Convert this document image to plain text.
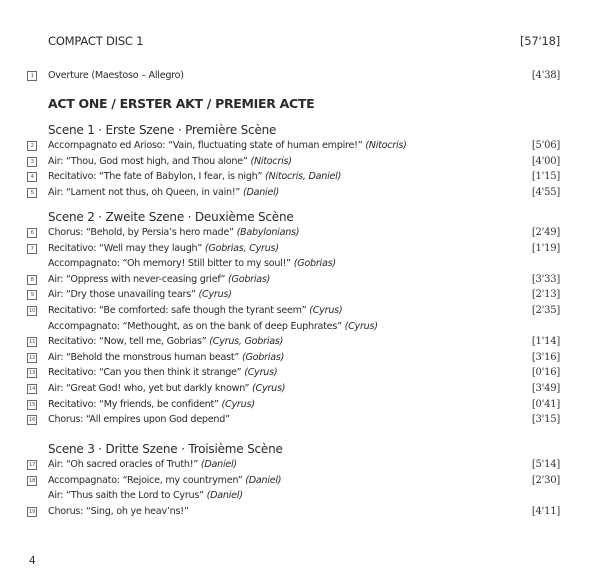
COMPACT DISC 1	[57'18]
1	Overture (Maestoso – Allegro)	[4'38]
ACT ONE / ERSTER AKT / PREMIER ACTE
Scene 1 · Erste Szene · Première Scène
2	Accompagnato ed Arioso: “Vain, fluctuating state of human empire!” (Nitocris)	[5'06]
3	Air: “Thou, God most high, and Thou alone” (Nitocris)	[4'00]
4	Recitativo: “The fate of Babylon, I fear, is nigh” (Nitocris, Daniel)	[1'15]
5	Air: “Lament not thus, oh Queen, in vain!” (Daniel)	[4'55]
Scene 2 · Zweite Szene · Deuxième Scène
6	Chorus: “Behold, by Persia’s hero made” (Babylonians)	[2'49]
7	Recitativo: “Well may they laugh” (Gobrias, Cyrus)	[1'19]
Accompagnato: “Oh memory! Still bitter to my soul!” (Gobrias)
8	Air: “Oppress with never-ceasing grief” (Gobrias)	[3'33]
9	Air: “Dry those unavailing tears” (Cyrus)	[2'13]
10 Recitativo: “Be comforted: safe though the tyrant seem” (Cyrus)	[2'35]
Accompagnato: “Methought, as on the bank of deep Euphrates” (Cyrus)
11 Recitativo: “Now, tell me, Gobrias” (Cyrus, Gobrias)	[1'14]
12 Air: “Behold the monstrous human beast” (Gobrias)	[3'16]
13 Recitativo: “Can you then think it strange” (Cyrus)	[0'16]
14 Air: “Great God! who, yet but darkly known” (Cyrus)	[3'49]
15 Recitativo: “My friends, be confident” (Cyrus)	[0'41]
16 Chorus: “All empires upon God depend”	[3'15]
Scene 3 · Dritte Szene · Troisième Scène
17 Air: “Oh sacred oracles of Truth!” (Daniel)	[5'14]
18 Accompagnato: “Rejoice, my countrymen” (Daniel)	[2'30]
Air: “Thus saith the Lord to Cyrus” (Daniel)
19 Chorus: “Sing, oh ye heav’ns!”	[4'11]
4
